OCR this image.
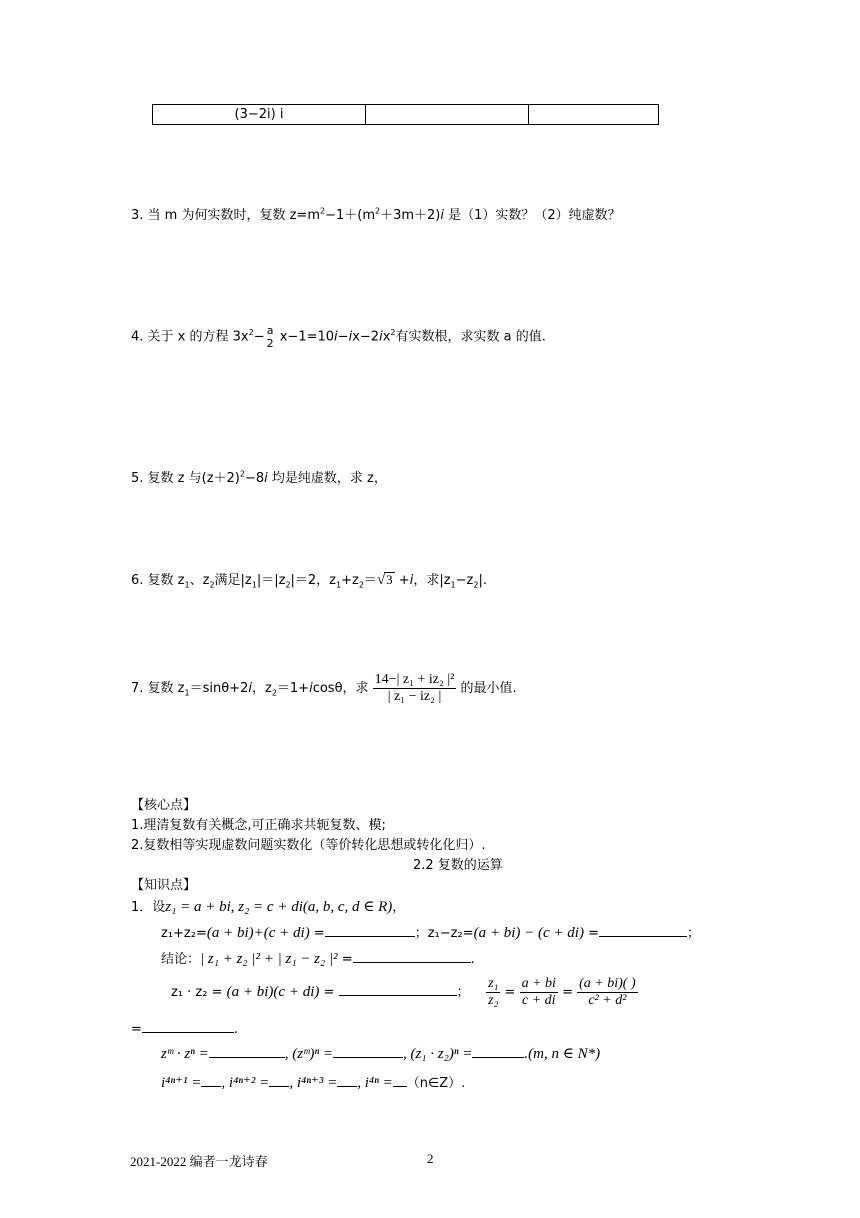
(3−2i) i		
3. 当 m 为何实数时，复数 $z=m^2-1+(m^2+3m+2)i$ 是（1）实数？（2）纯虚数？
4. 关于 x 的方程 $3x^2- a$
2 $x-1=10i-ix-2ix^2$有实数根，求实数 a 的值.
5. 复数 z 与$(z+2)^2-8i$ 均是纯虚数，求 z，
6. 复数 $z_1$、$z_2$满足$|z_1|=|z_2|=2$，$z_1+z_2=√3 +i$，求$|z_1-z_2|$.
7. 复数 $z_1=\sin\theta+2i$，$z_2=1+icos\theta$，求 $\frac{\text{14−| z₁ + iz₂ |²}}{\text{| z₁ − iz₂ |}}$ 的最小值.
【核心点】
1.理清复数有关概念,可正确求共轭复数、模;
2.复数相等实现虚数问题实数化（等价转化思想或转化化归）.
2.2 复数的运算
【知识点】
1．设z₁ = a + bi, z₂ = c + di(a, b, c, d ∈ R)，
z₁+z₂=(a + bi)+(c + di) =	；z₁−z₂=(a + bi) − (c + di) =	；
结论：| z₁ + z₂ |² + | z₁ − z₂ |² =	.
z₁ · z₂ = (a + bi)(c + di) =	； $\frac{\text{z₁}}{\text{z₂}} = \frac{a + bi}{c + di} = \frac{(a + bi)( )}{\text{c² + d²}}$
=	.
zᵐ · zⁿ =	, (zᵐ)ⁿ =	, (z₁ · z₂)ⁿ =	.(m, n ∈ N*)
i⁴ⁿ⁺¹ = , i⁴ⁿ⁺² = , i⁴ⁿ⁺³ = , i⁴ⁿ = （n∈Z）.
2021-2022 编者一龙诗春	2
